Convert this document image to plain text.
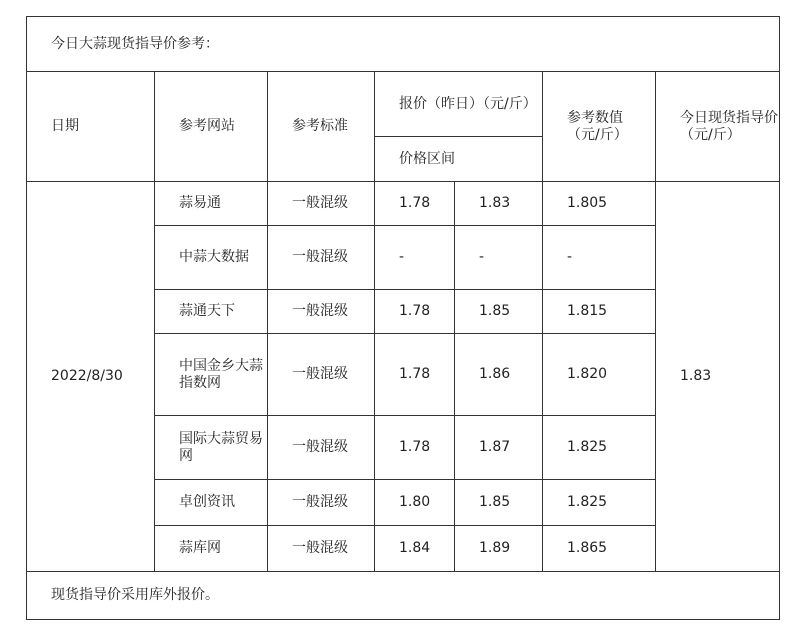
今日大蒜现货指导价参考：						
日期	参考网站	参考标准	报价（昨日）（元/斤）		参考数值（元/斤）	今日现货指导价（元/斤）
			价格区间			
2022/8/30	蒜易通	一般混级	1.78	1.83	1.805	1.83
	中蒜大数据	一般混级	-	-	-	
	蒜通天下	一般混级	1.78	1.85	1.815	
	中国金乡大蒜指数网	一般混级	1.78	1.86	1.820	
	国际大蒜贸易网	一般混级	1.78	1.87	1.825	
	卓创资讯	一般混级	1.80	1.85	1.825	
	蒜库网	一般混级	1.84	1.89	1.865	
现货指导价采用库外报价。						
